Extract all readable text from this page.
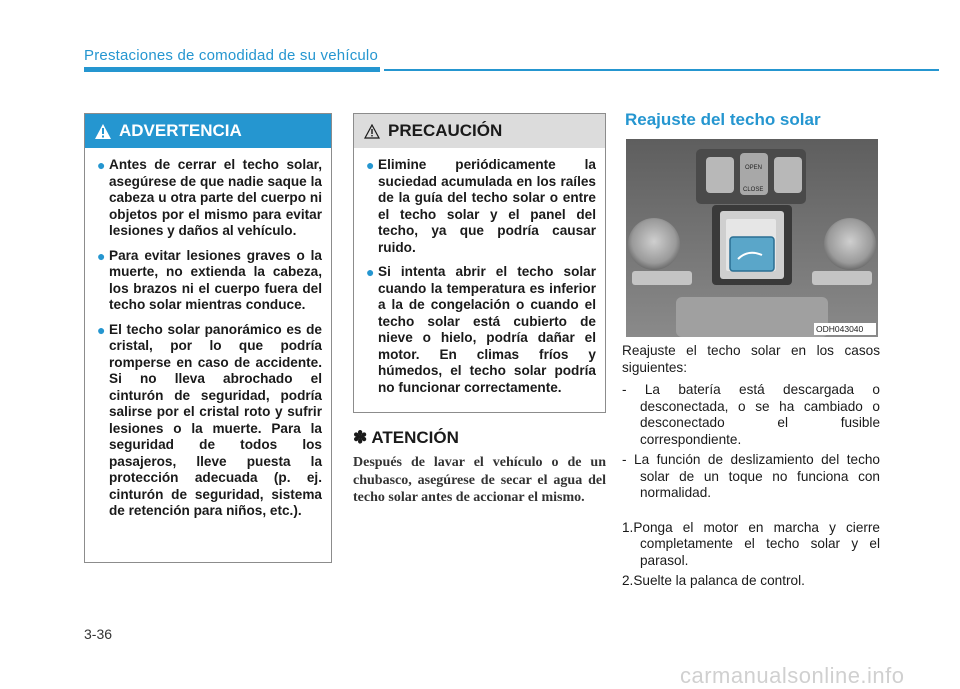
Prestaciones de comodidad de su vehículo
ADVERTENCIA
● Antes de cerrar el techo solar, asegúrese de que nadie saque la cabeza u otra parte del cuerpo ni objetos por el mismo para evitar lesiones y daños al vehículo.
● Para evitar lesiones graves o la muerte, no extienda la cabeza, los brazos ni el cuerpo fuera del techo solar mientras conduce.
● El techo solar panorámico es de cristal, por lo que podría romperse en caso de accidente. Si no lleva abrochado el cinturón de seguridad, podría salirse por el cristal roto y sufrir lesiones o la muerte. Para la seguridad de todos los pasajeros, lleve puesta la protección adecuada (p. ej. cinturón de seguridad, sistema de retención para niños, etc.).
PRECAUCIÓN
● Elimine periódicamente la suciedad acumulada en los raíles de la guía del techo solar o entre el techo solar y el panel del techo, ya que podría causar ruido.
● Si intenta abrir el techo solar cuando la temperatura es inferior a la de congelación o cuando el techo solar está cubierto de nieve o hielo, podría dañar el motor. En climas fríos y húmedos, el techo solar podría no funcionar correctamente.
✽ ATENCIÓN
Después de lavar el vehículo o de un chubasco, asegúrese de secar el agua del techo solar antes de accionar el mismo.
Reajuste del techo solar
OPEN
CLOSE
ODH043040

Reajuste el techo solar en los casos siguientes:

- La batería está descargada o desconectada, o se ha cambiado o desconectado el fusible correspondiente.
- La función de deslizamiento del techo solar de un toque no funciona con normalidad.
1.Ponga el motor en marcha y cierre completamente el techo solar y el parasol.
2.Suelte la palanca de control.
3-36
carmanualsonline.info
